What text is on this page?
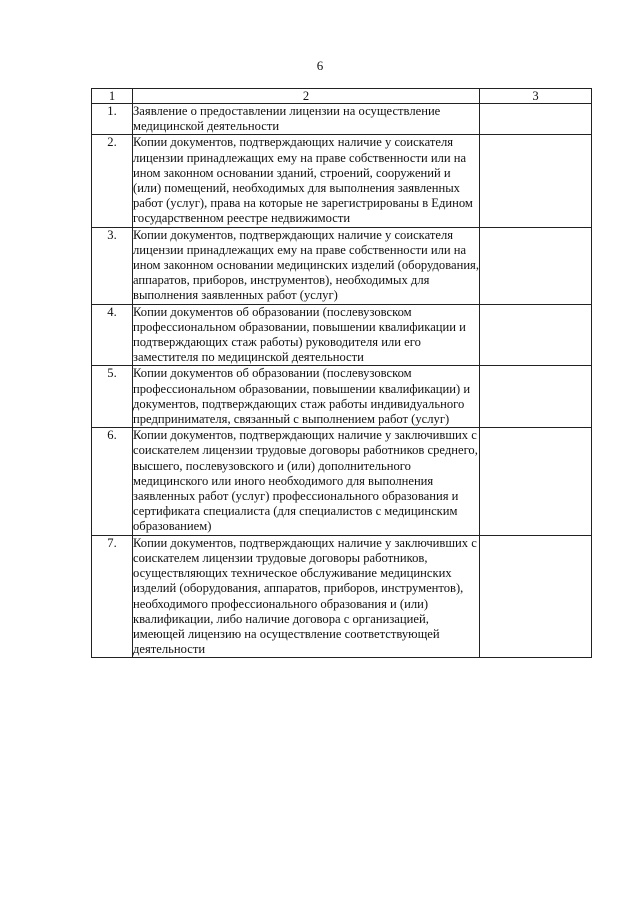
6
1	2	3
1.	Заявление о предоставлении лицензии на осуществление медицинской деятельности	
2.	Копии документов, подтверждающих наличие у соискателя лицензии принадлежащих ему на праве собственности или на ином законном основании зданий, строений, сооружений и (или) помещений, необходимых для выполнения заявленных работ (услуг), права на которые не зарегистрированы в Едином государственном реестре недвижимости	
3.	Копии документов, подтверждающих наличие у соискателя лицензии принадлежащих ему на праве собственности или на ином законном основании медицинских изделий (оборудования, аппаратов, приборов, инструментов), необходимых для выполнения заявленных работ (услуг)	
4.	Копии документов об образовании (послевузовском профессиональном образовании, повышении квалификации и подтверждающих стаж работы) руководителя или его заместителя по медицинской деятельности	
5.	Копии документов об образовании (послевузовском профессиональном образовании, повышении квалификации) и документов, подтверждающих стаж работы индивидуального предпринимателя, связанный с выполнением работ (услуг)	
6.	Копии документов, подтверждающих наличие у заключивших с соискателем лицензии трудовые договоры работников среднего, высшего, послевузовского и (или) дополнительного медицинского или иного необходимого для выполнения заявленных работ (услуг) профессионального образования и сертификата специалиста (для специалистов с медицинским образованием)	
7.	Копии документов, подтверждающих наличие у заключивших с соискателем лицензии трудовые договоры работников, осуществляющих техническое обслуживание медицинских изделий (оборудования, аппаратов, приборов, инструментов), необходимого профессионального образования и (или) квалификации, либо наличие договора с организацией, имеющей лицензию на осуществление соответствующей деятельности	
